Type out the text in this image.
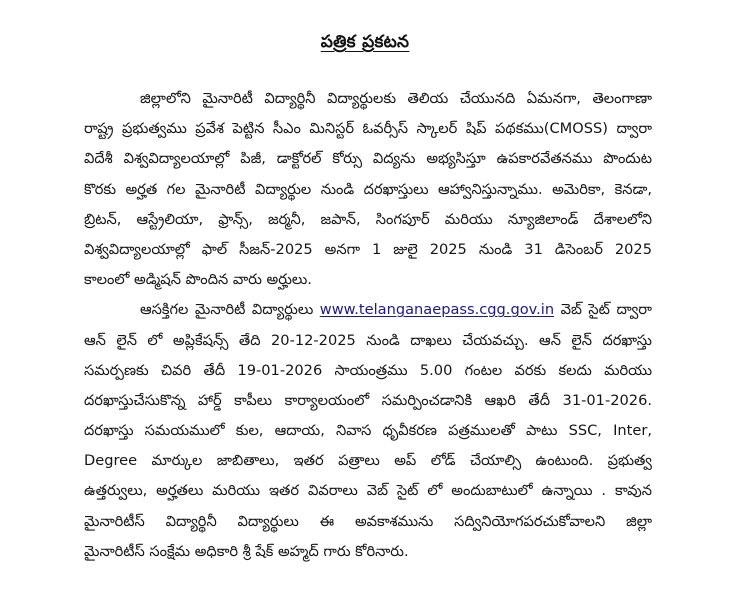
పత్రిక ప్రకటన
జిల్లాలోని మైనారిటీ విద్యార్థినీ విద్యార్థులకు తెలియ చేయునది ఏమనగా, తెలంగాణా
రాష్ట్ర ప్రభుత్వము ప్రవేశ పెట్టిన సీఎం మినిస్టర్ ఓవర్సీస్ స్కాలర్ షిప్ పథకము(CMOSS) ద్వారా
విదేశీ విశ్వవిద్యాలయాల్లో పిజీ, డాక్టోరల్ కోర్సు విద్యను అభ్యసిస్తూ ఉపకారవేతనము పొందుట
కొరకు అర్హత గల మైనారిటీ విద్యార్థుల నుండి దరఖాస్తులు ఆహ్వానిస్తున్నాము. అమెరికా, కెనడా,
బ్రిటన్, ఆస్ట్రేలియా, ఫ్రాన్స్, జర్మనీ, జపాన్, సింగపూర్ మరియు న్యూజిలాండ్ దేశాలలోని
విశ్వవిద్యాలయాల్లో ఫాల్ సీజన్-2025 అనగా 1 జులై 2025 నుండి 31 డిసెంబర్ 2025
కాలంలో అడ్మిషన్ పొందిన వారు అర్హులు.
ఆసక్తిగల మైనారిటీ విద్యార్థులు www.telanganaepass.cgg.gov.in వెబ్ సైట్ ద్వారా
ఆన్ లైన్ లో అప్లికేషన్స్ తేది 20-12-2025 నుండి దాఖలు చేయవచ్చు. ఆన్ లైన్ దరఖాస్తు
సమర్పణకు చివరి తేదీ 19-01-2026 సాయంత్రము 5.00 గంటల వరకు కలదు మరియు
దరఖాస్తుచేసుకొన్న హార్డ్ కాపీలు కార్యాలయంలో సమర్పించడానికి ఆఖరి తేదీ 31-01-2026.
దరఖాస్తు సమయములో కుల, ఆదాయ, నివాస ధృవీకరణ పత్రములతో పాటు SSC, Inter,
Degree మార్కుల జాబితాలు, ఇతర పత్రాలు అప్ లోడ్ చేయాల్సి ఉంటుంది. ప్రభుత్వ
ఉత్తర్వులు, అర్హతలు మరియు ఇతర వివరాలు వెబ్ సైట్ లో అందుబాటులో ఉన్నాయి . కావున
మైనారిటీస్ విద్యార్థినీ విద్యార్థులు ఈ అవకాశమును సద్వినియోగపరచుకోవాలని జిల్లా
మైనారిటీస్ సంక్షేమ అధికారి శ్రీ షేక్ అహ్మద్ గారు కోరినారు.
